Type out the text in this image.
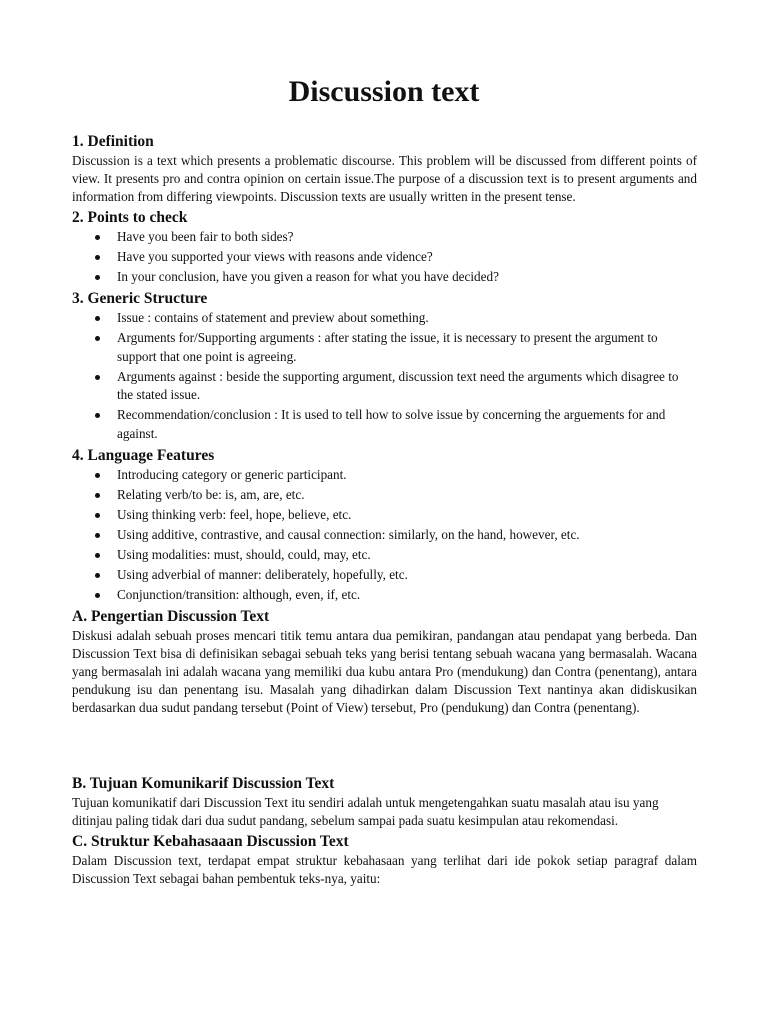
Discussion text
1. Definition

Discussion is a text which presents a problematic discourse. This problem will be discussed from different points of view. It presents pro and contra opinion on certain issue.The purpose of a discussion text is to present arguments and information from differing viewpoints. Discussion texts are usually written in the present tense.

2. Points to check
Have you been fair to both sides?
Have you supported your views with reasons ande vidence?
In your conclusion, have you given a reason for what you have decided?
3. Generic Structure
Issue : contains of statement and preview about something.
Arguments for/Supporting arguments : after stating the issue, it is necessary to present the argument to support that one point is agreeing.
Arguments against : beside the supporting argument, discussion text need the arguments which disagree to the stated issue.
Recommendation/conclusion : It is used to tell how to solve issue by concerning the arguements for and against.
4. Language Features
Introducing category or generic participant.
Relating verb/to be: is, am, are, etc.
Using thinking verb: feel, hope, believe, etc.
Using additive, contrastive, and causal connection: similarly, on the hand, however, etc.
Using modalities: must, should, could, may, etc.
Using adverbial of manner: deliberately, hopefully, etc.
Conjunction/transition: although, even, if, etc.
A. Pengertian Discussion Text

Diskusi adalah sebuah proses mencari titik temu antara dua pemikiran, pandangan atau pendapat yang berbeda. Dan Discussion Text bisa di definisikan sebagai sebuah teks yang berisi tentang sebuah wacana yang bermasalah. Wacana yang bermasalah ini adalah wacana yang memiliki dua kubu antara Pro (mendukung) dan Contra (penentang), antara pendukung isu dan penentang isu. Masalah yang dihadirkan dalam Discussion Text nantinya akan didiskusikan berdasarkan dua sudut pandang tersebut (Point of View) tersebut, Pro (pendukung) dan Contra (penentang).

B. Tujuan Komunikarif Discussion Text

Tujuan komunikatif dari Discussion Text itu sendiri adalah untuk mengetengahkan suatu masalah atau isu yang ditinjau paling tidak dari dua sudut pandang, sebelum sampai pada suatu kesimpulan atau rekomendasi.

C. Struktur Kebahasaaan Discussion Text

Dalam Discussion text, terdapat empat struktur kebahasaan yang terlihat dari ide pokok setiap paragraf dalam Discussion Text sebagai bahan pembentuk teks-nya, yaitu:
